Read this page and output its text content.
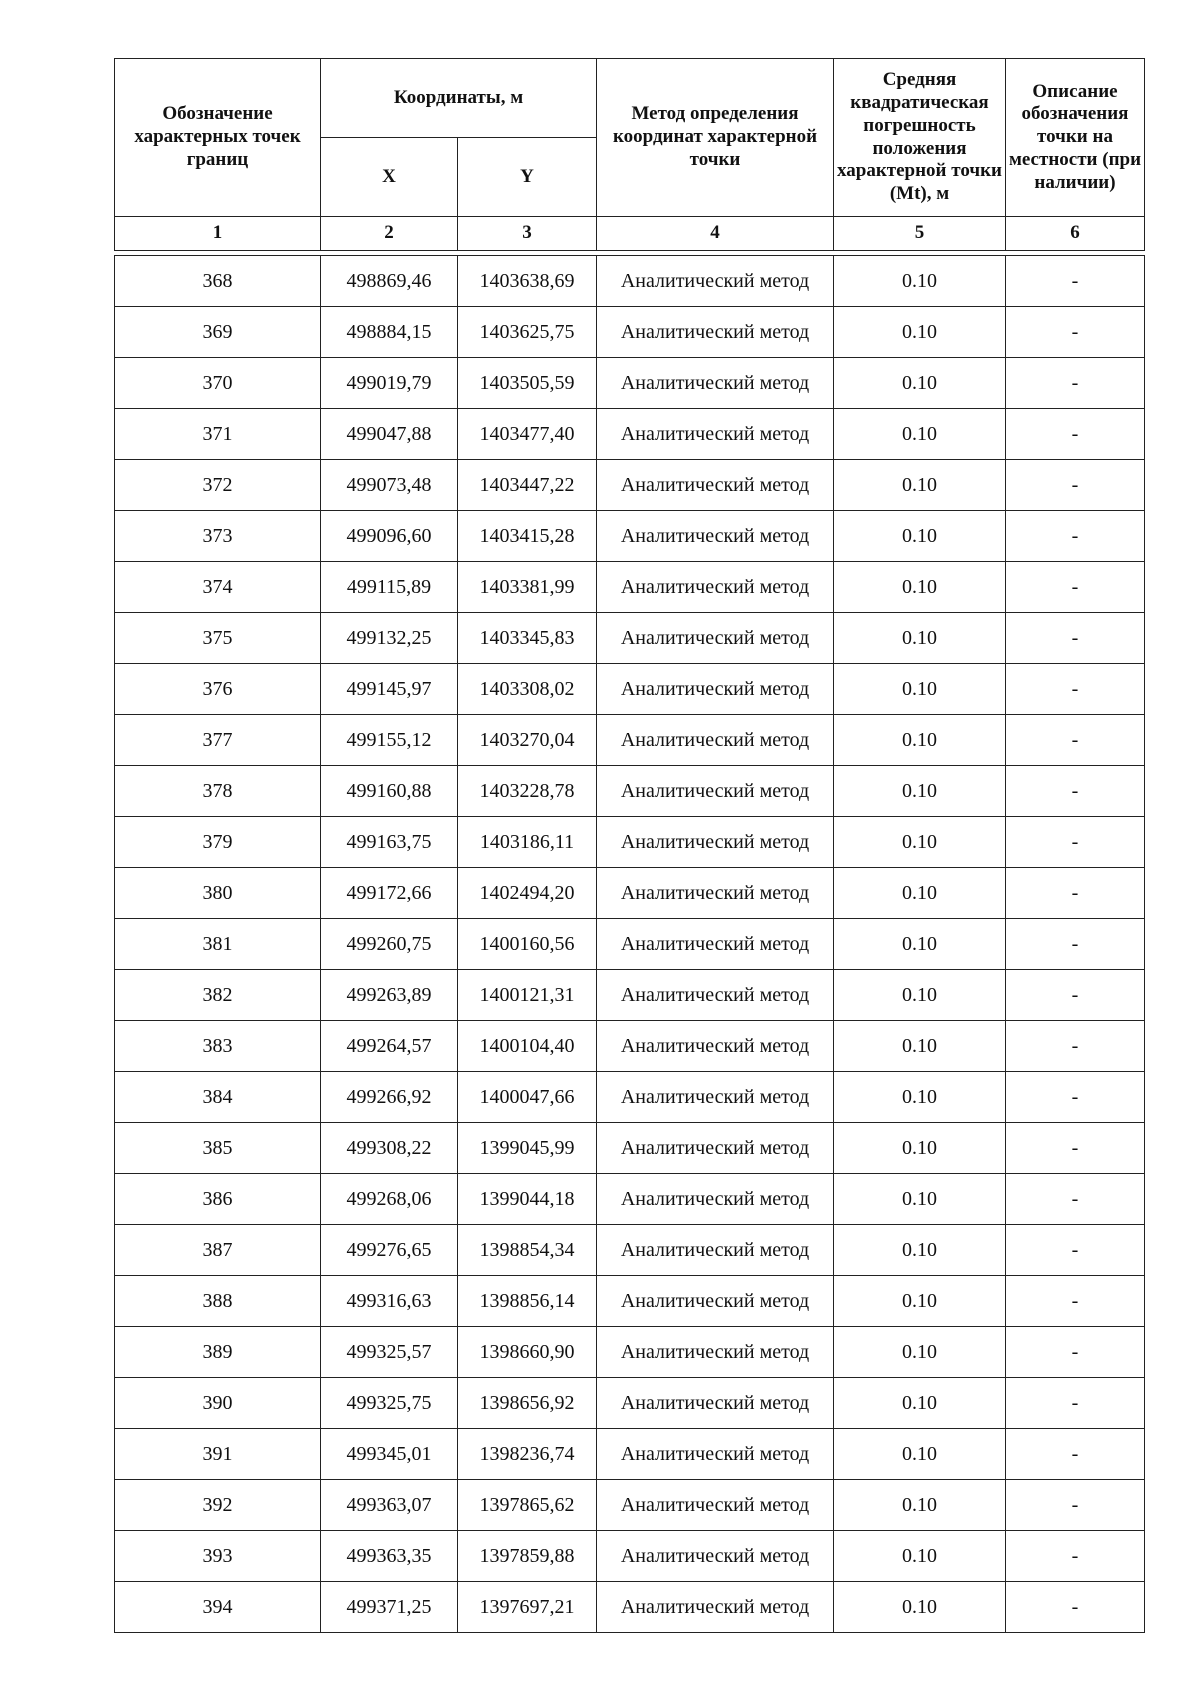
Обозначение характерных точек границ	Координаты, м		Метод определения координат характерной точки	Средняя квадратическая погрешность положения характерной точки (Mt), м	Описание обозначения точки на местности (при наличии)
	X	Y			
1	2	3	4	5	6
368	498869,46	1403638,69	Аналитический метод	0.10	-
369	498884,15	1403625,75	Аналитический метод	0.10	-
370	499019,79	1403505,59	Аналитический метод	0.10	-
371	499047,88	1403477,40	Аналитический метод	0.10	-
372	499073,48	1403447,22	Аналитический метод	0.10	-
373	499096,60	1403415,28	Аналитический метод	0.10	-
374	499115,89	1403381,99	Аналитический метод	0.10	-
375	499132,25	1403345,83	Аналитический метод	0.10	-
376	499145,97	1403308,02	Аналитический метод	0.10	-
377	499155,12	1403270,04	Аналитический метод	0.10	-
378	499160,88	1403228,78	Аналитический метод	0.10	-
379	499163,75	1403186,11	Аналитический метод	0.10	-
380	499172,66	1402494,20	Аналитический метод	0.10	-
381	499260,75	1400160,56	Аналитический метод	0.10	-
382	499263,89	1400121,31	Аналитический метод	0.10	-
383	499264,57	1400104,40	Аналитический метод	0.10	-
384	499266,92	1400047,66	Аналитический метод	0.10	-
385	499308,22	1399045,99	Аналитический метод	0.10	-
386	499268,06	1399044,18	Аналитический метод	0.10	-
387	499276,65	1398854,34	Аналитический метод	0.10	-
388	499316,63	1398856,14	Аналитический метод	0.10	-
389	499325,57	1398660,90	Аналитический метод	0.10	-
390	499325,75	1398656,92	Аналитический метод	0.10	-
391	499345,01	1398236,74	Аналитический метод	0.10	-
392	499363,07	1397865,62	Аналитический метод	0.10	-
393	499363,35	1397859,88	Аналитический метод	0.10	-
394	499371,25	1397697,21	Аналитический метод	0.10	-
